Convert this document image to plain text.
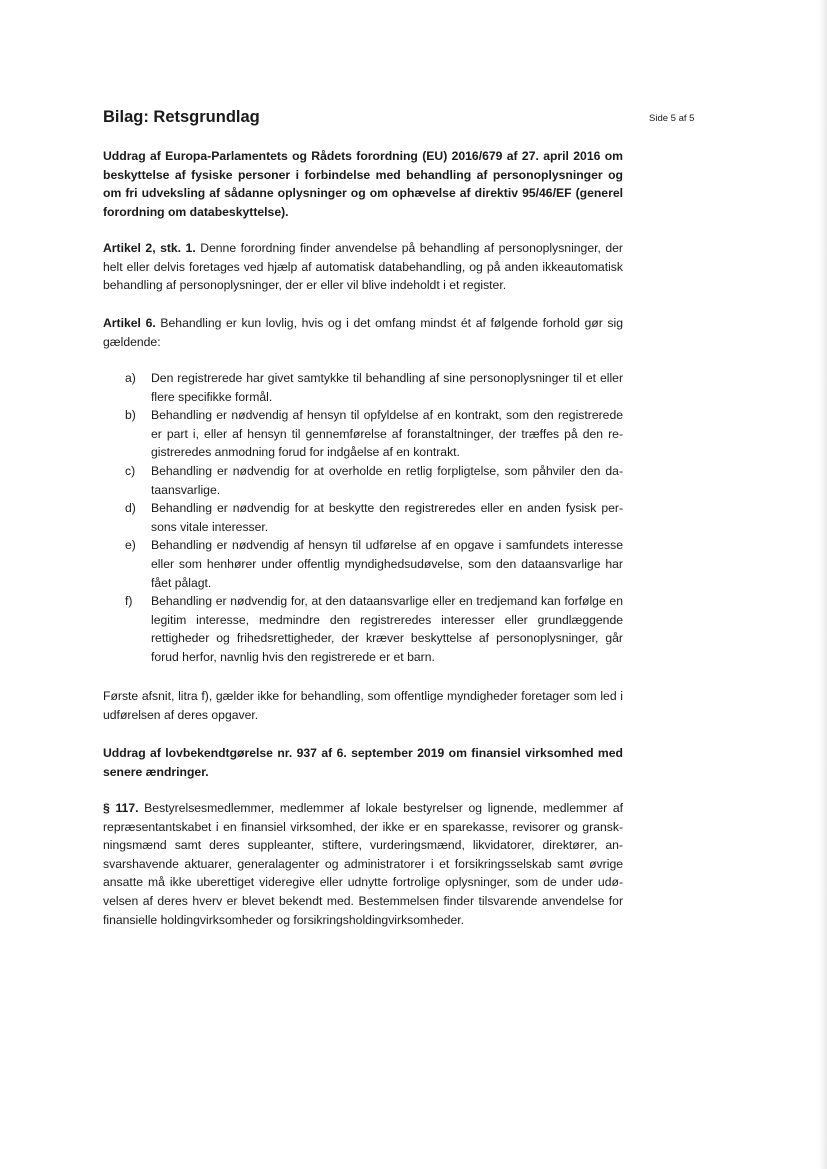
Bilag: Retsgrundlag	Side 5 af 5

Uddrag af Europa-Parlamentets og Rådets forordning (EU) 2016/679 af 27. april 2016 om beskyttelse af fysiske personer i forbindelse med behandling af personoplysninger og om fri udveksling af sådanne oplysninger og om ophævelse af direktiv 95/46/EF (generel forordning om databeskyttelse).

Artikel 2, stk. 1. Denne forordning finder anvendelse på behandling af personoplysninger, der helt eller delvis foretages ved hjælp af automatisk databehandling, og på anden ikkeautomatisk behandling af personoplysninger, der er eller vil blive indeholdt i et register.

Artikel 6. Behandling er kun lovlig, hvis og i det omfang mindst ét af følgende forhold gør sig gældende:

a) Den registrerede har givet samtykke til behandling af sine personoplysninger til et eller flere specifikke formål.
b) Behandling er nødvendig af hensyn til opfyldelse af en kontrakt, som den registrerede er part i, eller af hensyn til gennemførelse af foranstaltninger, der træffes på den registreredes anmodning forud for indgåelse af en kontrakt.
c) Behandling er nødvendig for at overholde en retlig forpligtelse, som påhviler den dataansvarlige.
d) Behandling er nødvendig for at beskytte den registreredes eller en anden fysisk persons vitale interesser.
e) Behandling er nødvendig af hensyn til udførelse af en opgave i samfundets interesse eller som henhører under offentlig myndighedsudøvelse, som den dataansvarlige har fået pålagt.
f) Behandling er nødvendig for, at den dataansvarlige eller en tredjemand kan forfølge en legitim interesse, medmindre den registreredes interesser eller grundlæggende rettigheder og frihedsrettigheder, der kræver beskyttelse af personoplysninger, går forud herfor, navnlig hvis den registrerede er et barn.

Første afsnit, litra f), gælder ikke for behandling, som offentlige myndigheder foretager som led i udførelsen af deres opgaver.

Uddrag af lovbekendtgørelse nr. 937 af 6. september 2019 om finansiel virksomhed med senere ændringer.

§ 117. Bestyrelsesmedlemmer, medlemmer af lokale bestyrelser og lignende, medlemmer af repræsentantskabet i en finansiel virksomhed, der ikke er en sparekasse, revisorer og granskningsmænd samt deres suppleanter, stiftere, vurderingsmænd, likvidatorer, direktører, ansvarshavende aktuarer, generalagenter og administratorer i et forsikringsselskab samt øvrige ansatte må ikke uberettiget videregive eller udnytte fortrolige oplysninger, som de under udøvelsen af deres hverv er blevet bekendt med. Bestemmelsen finder tilsvarende anvendelse for finansielle holdingvirksomheder og forsikringsholdingvirksomheder.
